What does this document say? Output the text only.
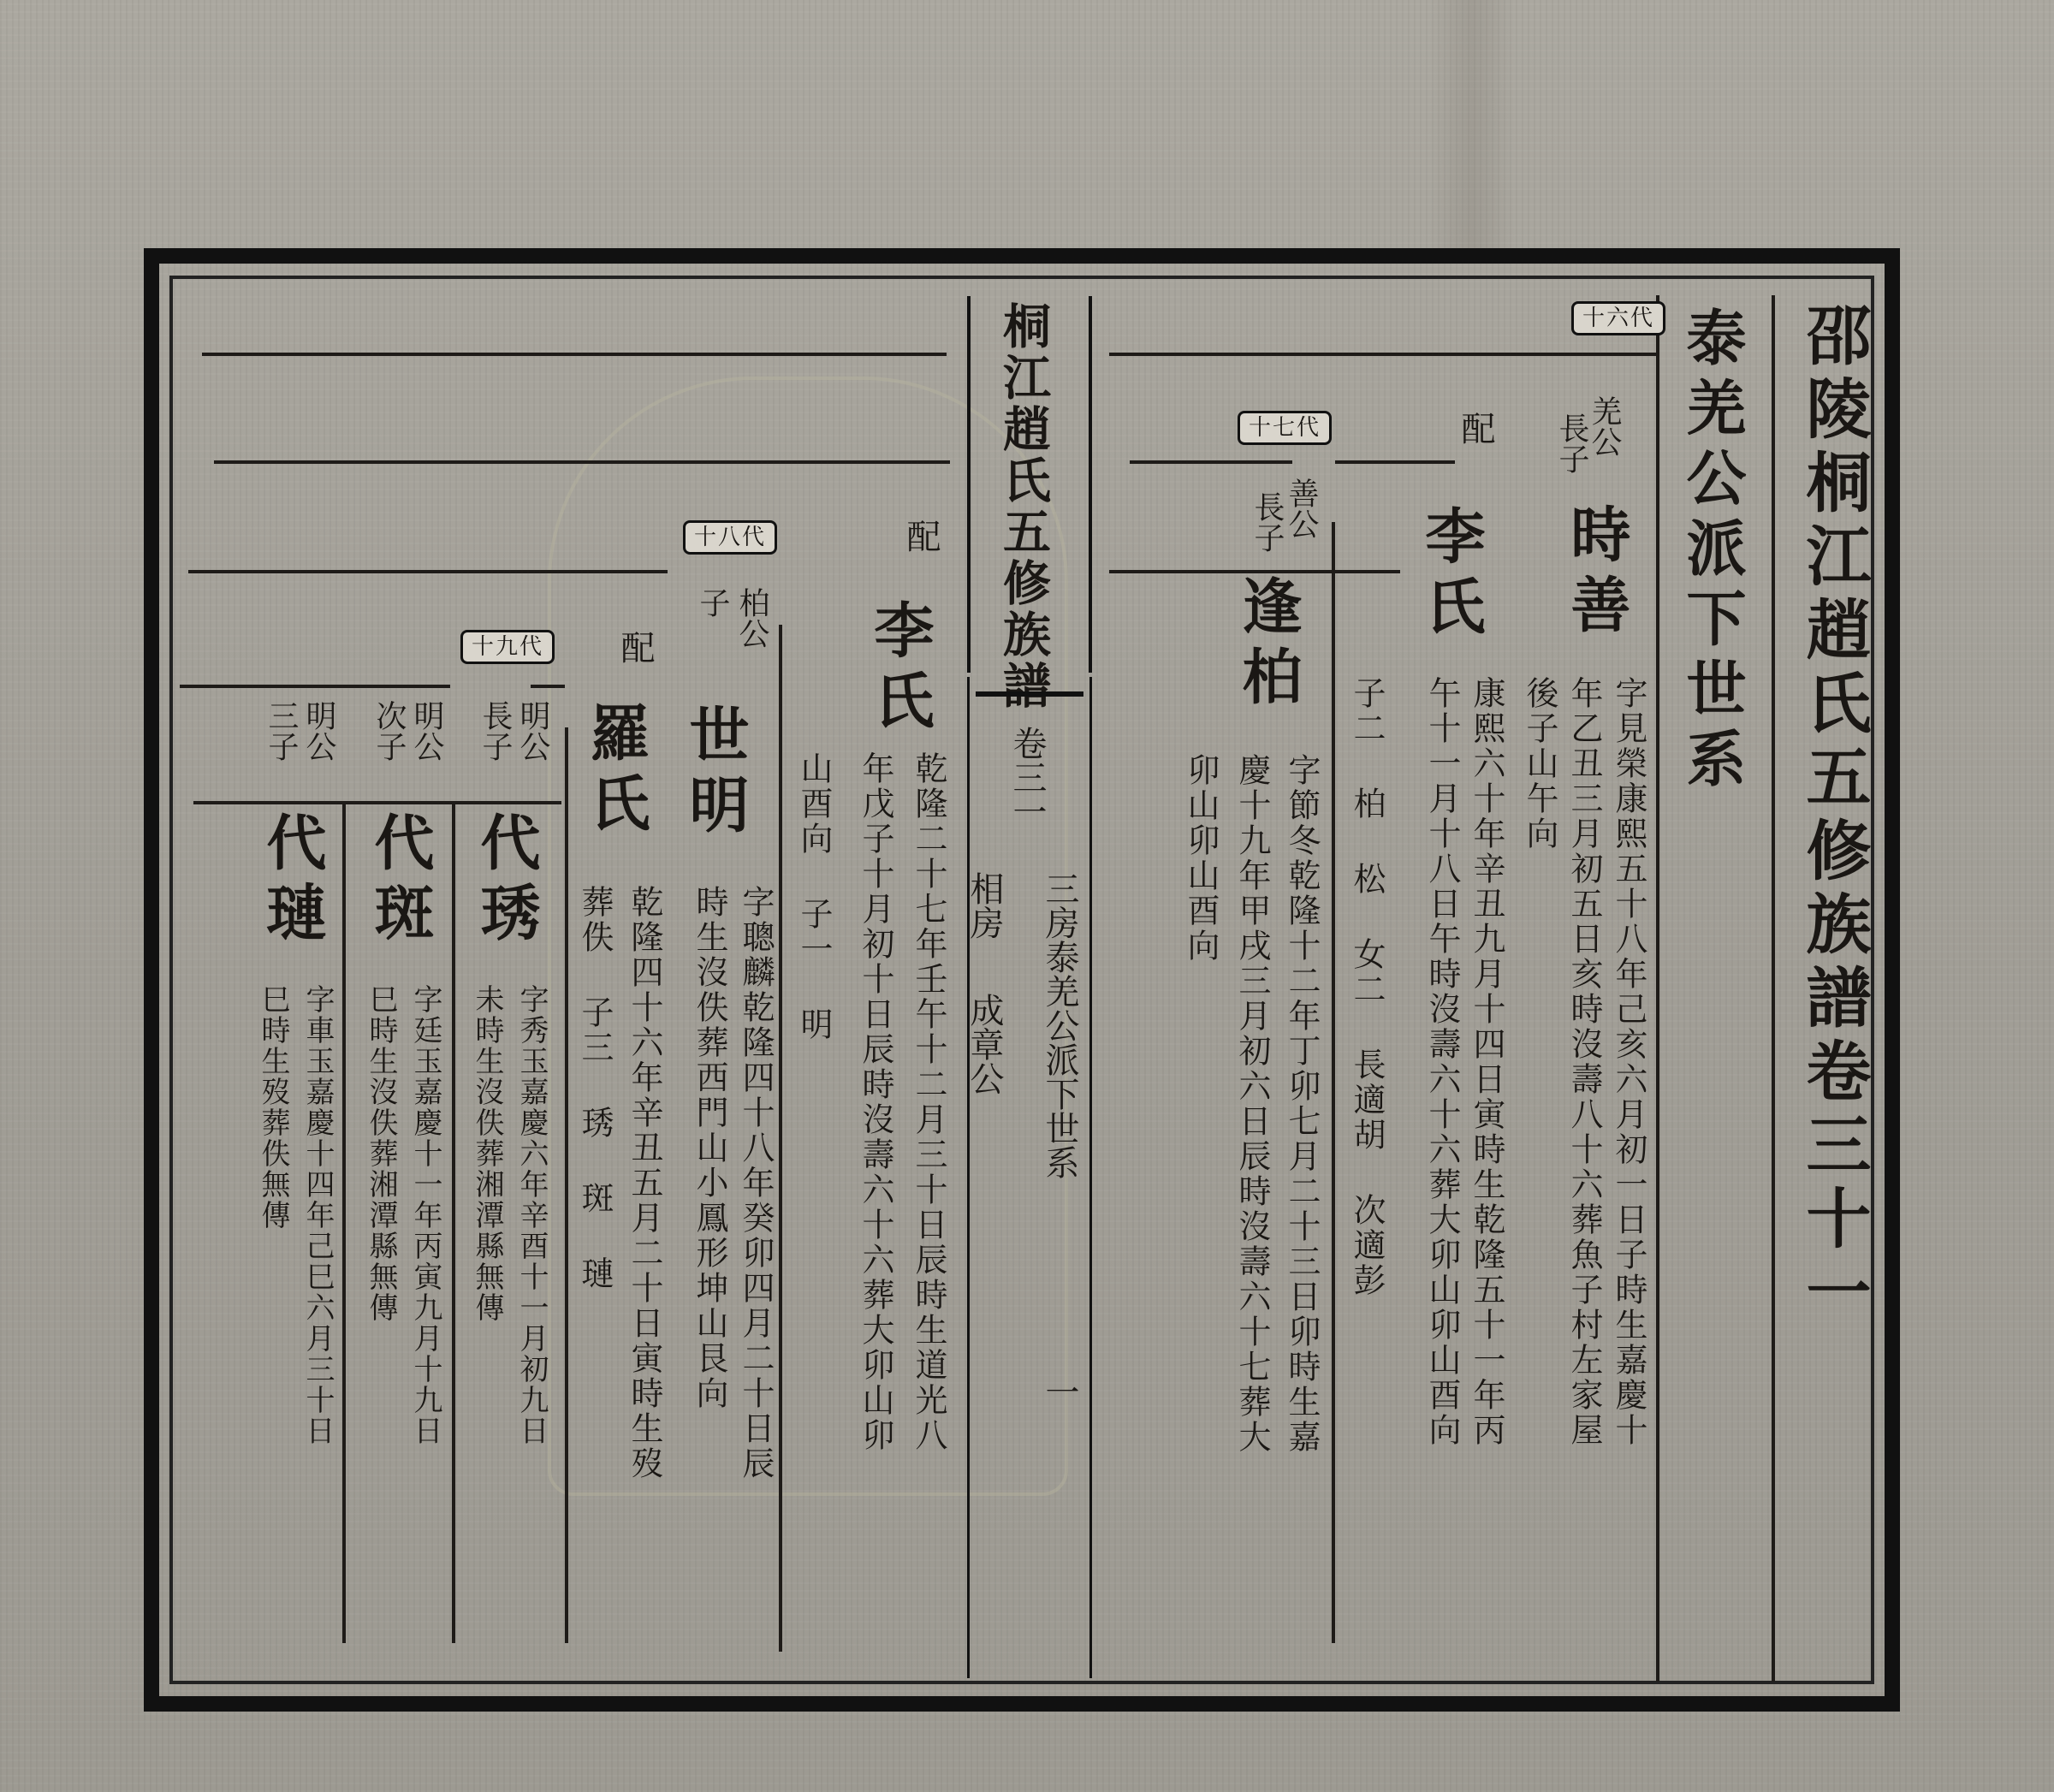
邵陵桐江趙氏五修族譜卷三十一
泰羌公派下世系
十六代
十七代
十八代
十九代	桐江趙氏五修族譜
卷三一
相房
成章公 三房泰羌公派下世系
一
羌公
長子
時善
字見榮康熙五十八年己亥六月初一日子時生嘉慶十
年乙丑三月初五日亥時沒壽八十六葬魚子村左家屋
後子山午向
配
李氏
康熙六十年辛丑九月十四日寅時生乾隆五十一年丙
午十一月十八日午時沒壽六十六葬大卯山卯山酉向
子二 柏 松 女二 長適胡 次適彭
善公
長子
逢柏
字節冬乾隆十二年丁卯七月二十三日卯時生嘉
慶十九年甲戌三月初六日辰時沒壽六十七葬大
卯山卯山酉向
配
李氏
乾隆二十七年壬午十二月三十日辰時生道光八
年戊子十月初十日辰時沒壽六十六葬大卯山卯
山酉向 子一 明
柏公
子
世明
字聰麟乾隆四十八年癸卯四月二十日辰
時生沒佚葬西門山小鳳形坤山艮向
配
羅氏
乾隆四十六年辛丑五月二十日寅時生歿
葬佚 子三 琇 斑 璉
明公
長子
代琇
字秀玉嘉慶六年辛酉十一月初九日
未時生沒佚葬湘潭縣無傳
明公
次子
代斑
字廷玉嘉慶十一年丙寅九月十九日
巳時生沒佚葬湘潭縣無傳
明公
三子
代璉
字車玉嘉慶十四年己巳六月三十日
巳時生歿葬佚無傳
